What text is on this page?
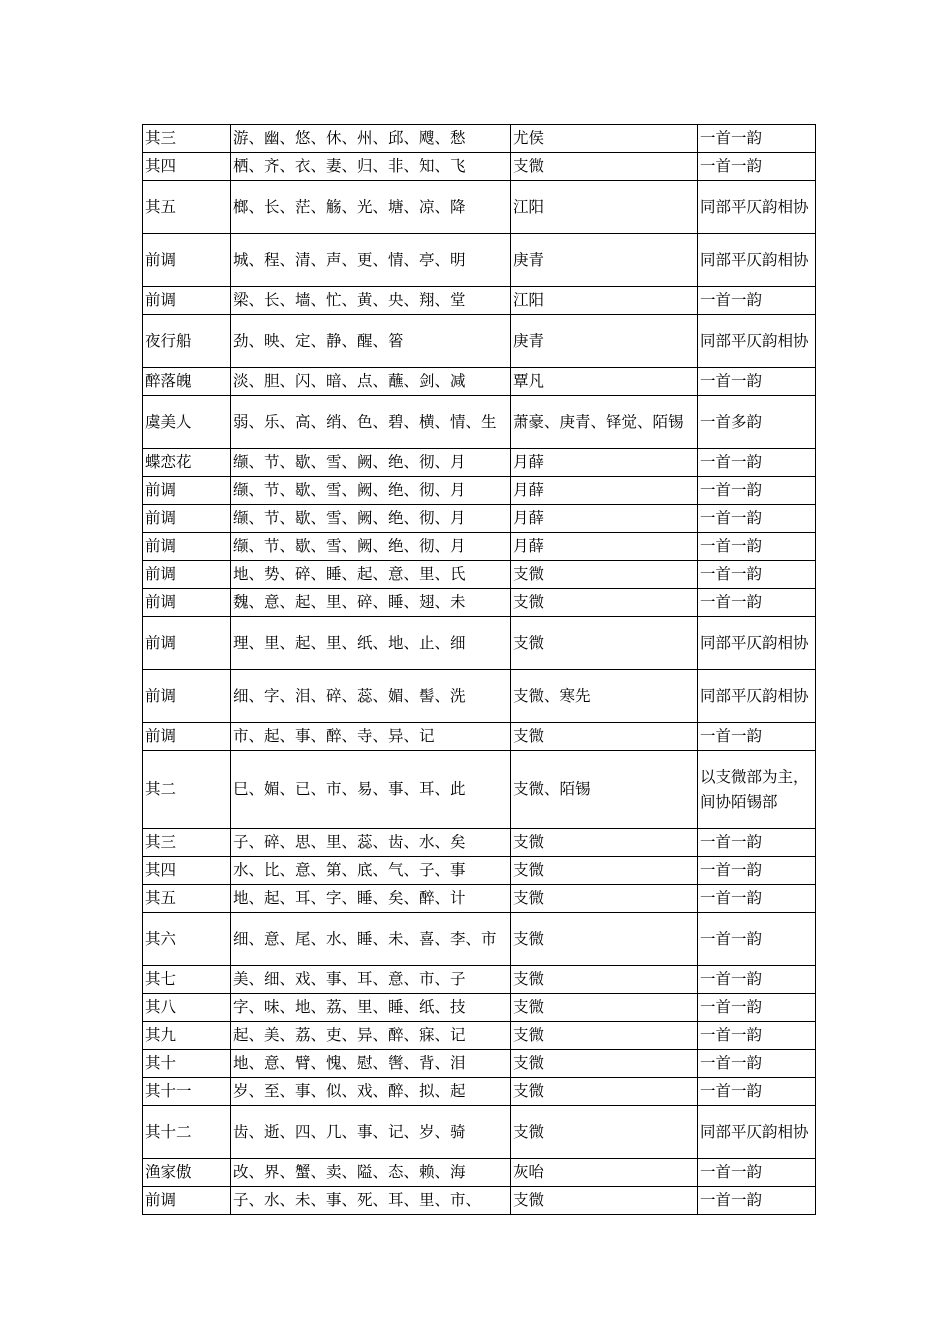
其三	游、幽、悠、休、州、邱、飕、愁	尤侯	一首一韵
其四	栖、齐、衣、妻、归、非、知、飞	支微	一首一韵
其五	榔、长、茫、觞、光、塘、凉、降	江阳	同部平仄韵相协
前调	城、程、清、声、更、情、亭、明	庚青	同部平仄韵相协
前调	梁、长、墙、忙、黄、央、翔、堂	江阳	一首一韵
夜行船	劲、映、定、静、醒、箵	庚青	同部平仄韵相协
醉落魄	淡、胆、闪、暗、点、蘸、剑、减	覃凡	一首一韵
虞美人	弱、乐、高、绡、色、碧、横、情、生	萧豪、庚青、铎觉、陌锡	一首多韵
蝶恋花	缬、节、歇、雪、阙、绝、彻、月	月薛	一首一韵
前调	缬、节、歇、雪、阙、绝、彻、月	月薛	一首一韵
前调	缬、节、歇、雪、阙、绝、彻、月	月薛	一首一韵
前调	缬、节、歇、雪、阙、绝、彻、月	月薛	一首一韵
前调	地、势、碎、睡、起、意、里、氏	支微	一首一韵
前调	魏、意、起、里、碎、睡、翅、未	支微	一首一韵
前调	理、里、起、里、纸、地、止、细	支微	同部平仄韵相协
前调	细、字、泪、碎、蕊、媚、髻、洗	支微、寒先	同部平仄韵相协
前调	市、起、事、醉、寺、异、记	支微	一首一韵
其二	巳、媚、已、市、易、事、耳、此	支微、陌锡	以支微部为主，间协陌锡部
其三	子、碎、思、里、蕊、齿、水、矣	支微	一首一韵
其四	水、比、意、第、底、气、子、事	支微	一首一韵
其五	地、起、耳、字、睡、矣、醉、计	支微	一首一韵
其六	细、意、尾、水、睡、未、喜、李、市	支微	一首一韵
其七	美、细、戏、事、耳、意、市、子	支微	一首一韵
其八	字、味、地、荔、里、睡、纸、技	支微	一首一韵
其九	起、美、荔、吏、异、醉、寐、记	支微	一首一韵
其十	地、意、臂、愧、慰、辔、背、泪	支微	一首一韵
其十一	岁、至、事、似、戏、醉、拟、起	支微	一首一韵
其十二	齿、逝、四、几、事、记、岁、骑	支微	同部平仄韵相协
渔家傲	改、界、蟹、卖、隘、态、赖、海	灰咍	一首一韵
前调	子、水、未、事、死、耳、里、市、	支微	一首一韵
